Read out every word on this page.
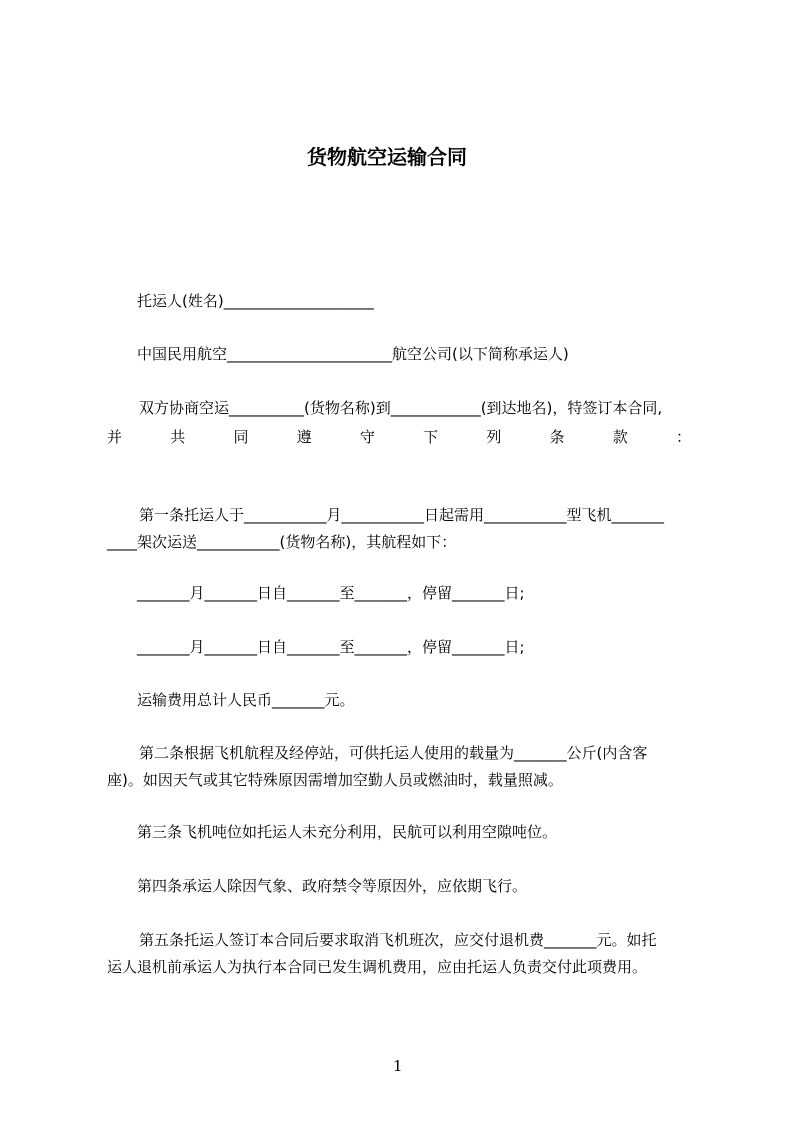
货物航空运输合同
托运人(姓名)____________________
中国民用航空______________________航空公司(以下简称承运人)
双方协商空运__________(货物名称)到____________(到达地名)，特签订本合同,
并	共	同	遵	守	下	列	条	款	：
第一条托运人于___________月___________日起需用___________型飞机_______
____架次运送___________(货物名称)，其航程如下：
_______月_______日自_______至_______，停留_______日;
_______月_______日自_______至_______，停留_______日;
运输费用总计人民币_______元。
第二条根据飞机航程及经停站，可供托运人使用的载量为_______公斤(内含客
座)。如因天气或其它特殊原因需增加空勤人员或燃油时，载量照减。
第三条飞机吨位如托运人未充分利用，民航可以利用空隙吨位。
第四条承运人除因气象、政府禁令等原因外，应依期飞行。
第五条托运人签订本合同后要求取消飞机班次，应交付退机费_______元。如托
运人退机前承运人为执行本合同已发生调机费用，应由托运人负责交付此项费用。
1
